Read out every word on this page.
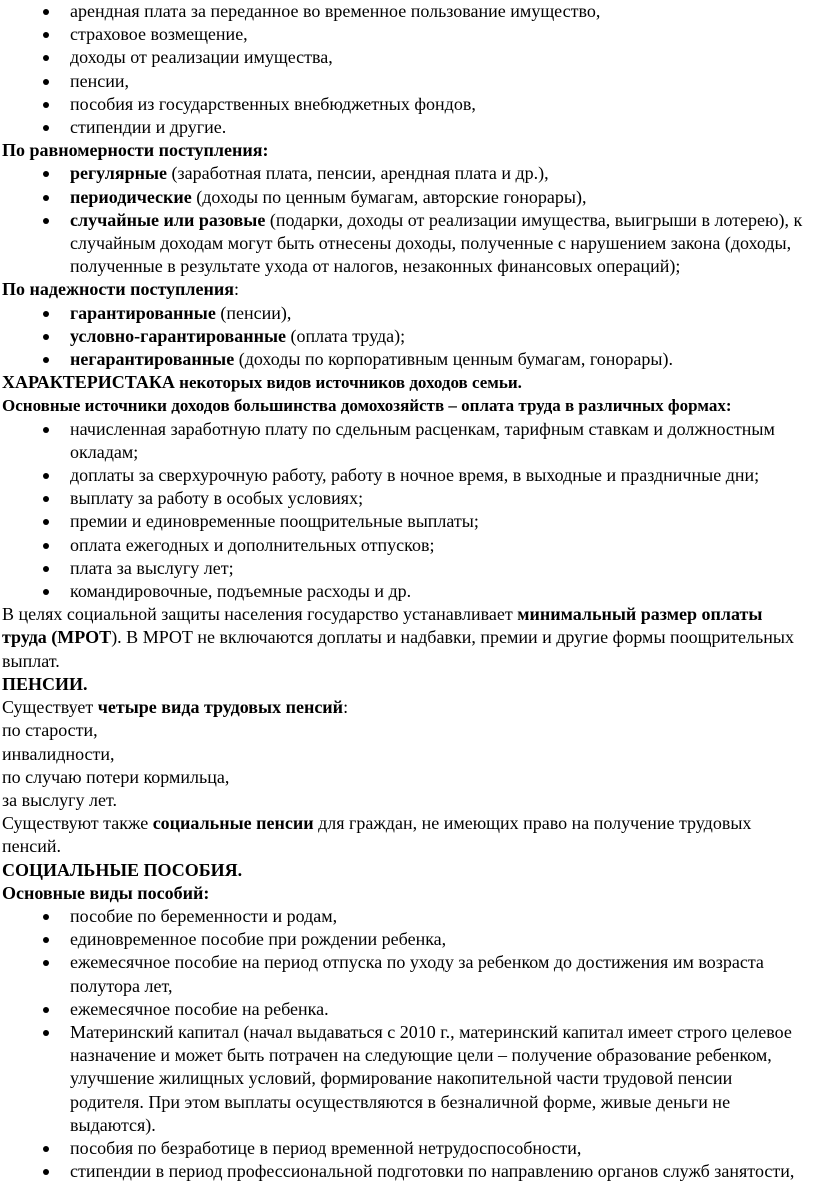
арендная плата за переданное во временное пользование имущество,
страховое возмещение,
доходы от реализации имущества,
пенсии,
пособия из государственных внебюджетных фондов,
стипендии и другие.

По равномерности поступления:

регулярные (заработная плата, пенсии, арендная плата и др.),
периодические (доходы по ценным бумагам, авторские гонорары),
случайные или разовые (подарки, доходы от реализации имущества, выигрыши в лотерею), к случайным доходам могут быть отнесены доходы, полученные с нарушением закона (доходы, полученные в результате ухода от налогов, незаконных финансовых операций);

По надежности поступления:

гарантированные (пенсии),
условно-гарантированные (оплата труда);
негарантированные (доходы по корпоративным ценным бумагам, гонорары).

ХАРАКТЕРИСТАКА некоторых видов источников доходов семьи.

Основные источники доходов большинства домохозяйств – оплата труда в различных формах:

начисленная заработную плату по сдельным расценкам, тарифным ставкам и должностным окладам;
доплаты за сверхурочную работу, работу в ночное время, в выходные и праздничные дни;
выплату за работу в особых условиях;
премии и единовременные поощрительные выплаты;
оплата ежегодных и дополнительных отпусков;
плата за выслугу лет;
командировочные, подъемные расходы и др.

В целях социальной защиты населения государство устанавливает минимальный размер оплаты труда (МРОТ). В МРОТ не включаются доплаты и надбавки, премии и другие формы поощрительных выплат.

ПЕНСИИ.

Существует четыре вида трудовых пенсий:

по старости,

инвалидности,

по случаю потери кормильца,

за выслугу лет.

Существуют также социальные пенсии для граждан, не имеющих право на получение трудовых пенсий.

СОЦИАЛЬНЫЕ ПОСОБИЯ.

Основные виды пособий:

пособие по беременности и родам,
единовременное пособие при рождении ребенка,
ежемесячное пособие на период отпуска по уходу за ребенком до достижения им возраста полутора лет,
ежемесячное пособие на ребенка.
Материнский капитал (начал выдаваться с 2010 г., материнский капитал имеет строго целевое назначение и может быть потрачен на следующие цели – получение образование ребенком, улучшение жилищных условий, формирование накопительной части трудовой пенсии родителя. При этом выплаты осуществляются в безналичной форме, живые деньги не выдаются).
пособия по безработице в период временной нетрудоспособности,
стипендии в период профессиональной подготовки по направлению органов служб занятости,
